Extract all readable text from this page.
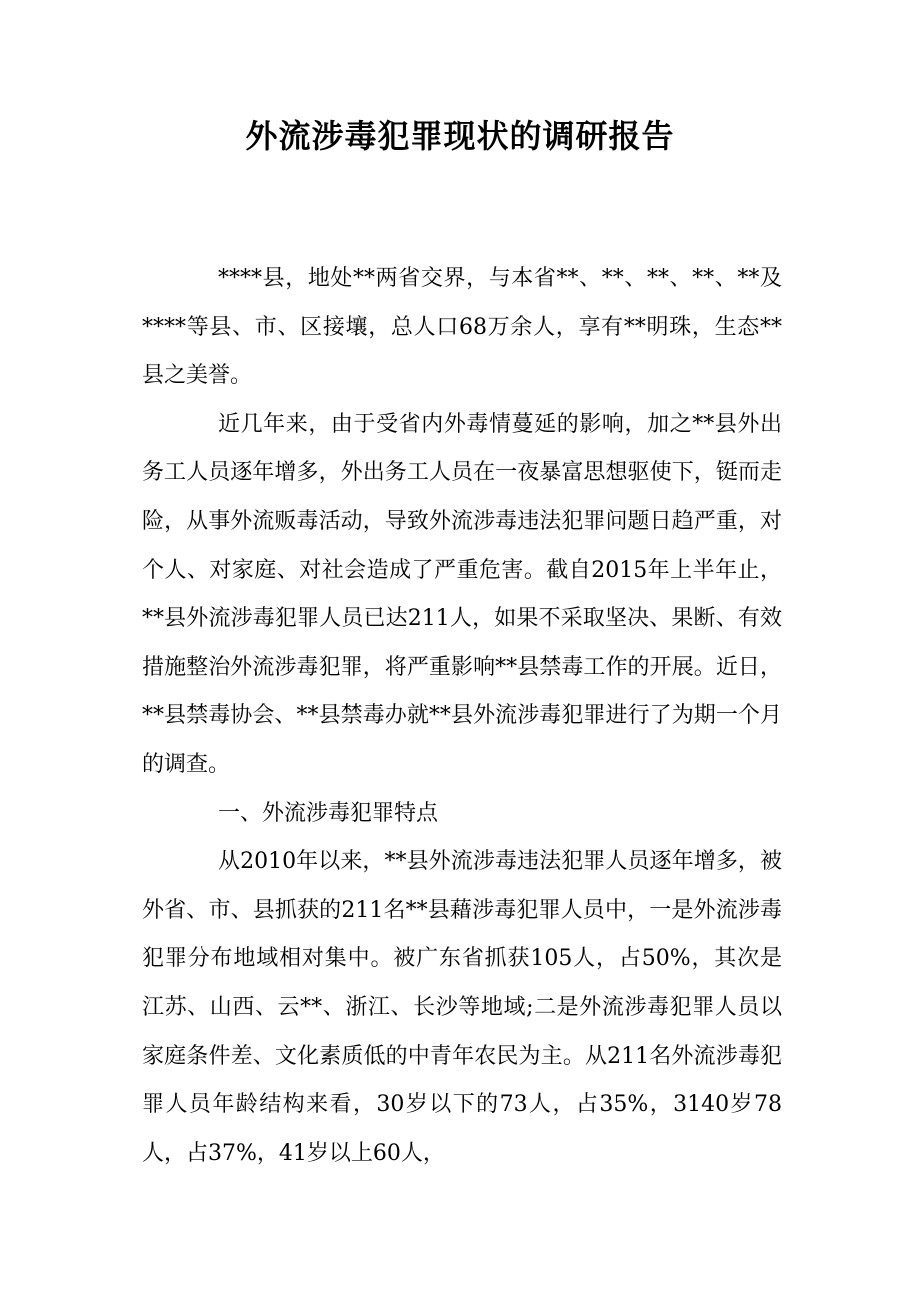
外流涉毒犯罪现状的调研报告

****县，地处**两省交界，与本省**、**、**、**、**及****等县、市、区接壤，总人口68万余人，享有**明珠，生态**县之美誉。

近几年来，由于受省内外毒情蔓延的影响，加之**县外出务工人员逐年增多，外出务工人员在一夜暴富思想驱使下，铤而走险，从事外流贩毒活动，导致外流涉毒违法犯罪问题日趋严重，对个人、对家庭、对社会造成了严重危害。截自2015年上半年止，**县外流涉毒犯罪人员已达211人，如果不采取坚决、果断、有效措施整治外流涉毒犯罪，将严重影响**县禁毒工作的开展。近日，**县禁毒协会、**县禁毒办就**县外流涉毒犯罪进行了为期一个月的调查。

一、外流涉毒犯罪特点

从2010年以来，**县外流涉毒违法犯罪人员逐年增多，被外省、市、县抓获的211名**县藉涉毒犯罪人员中，一是外流涉毒犯罪分布地域相对集中。被广东省抓获105人，占50%，其次是江苏、山西、云**、浙江、长沙等地域;二是外流涉毒犯罪人员以家庭条件差、文化素质低的中青年农民为主。从211名外流涉毒犯罪人员年龄结构来看，30岁以下的73人，占35%，3140岁78人，占37%，41岁以上60人，
